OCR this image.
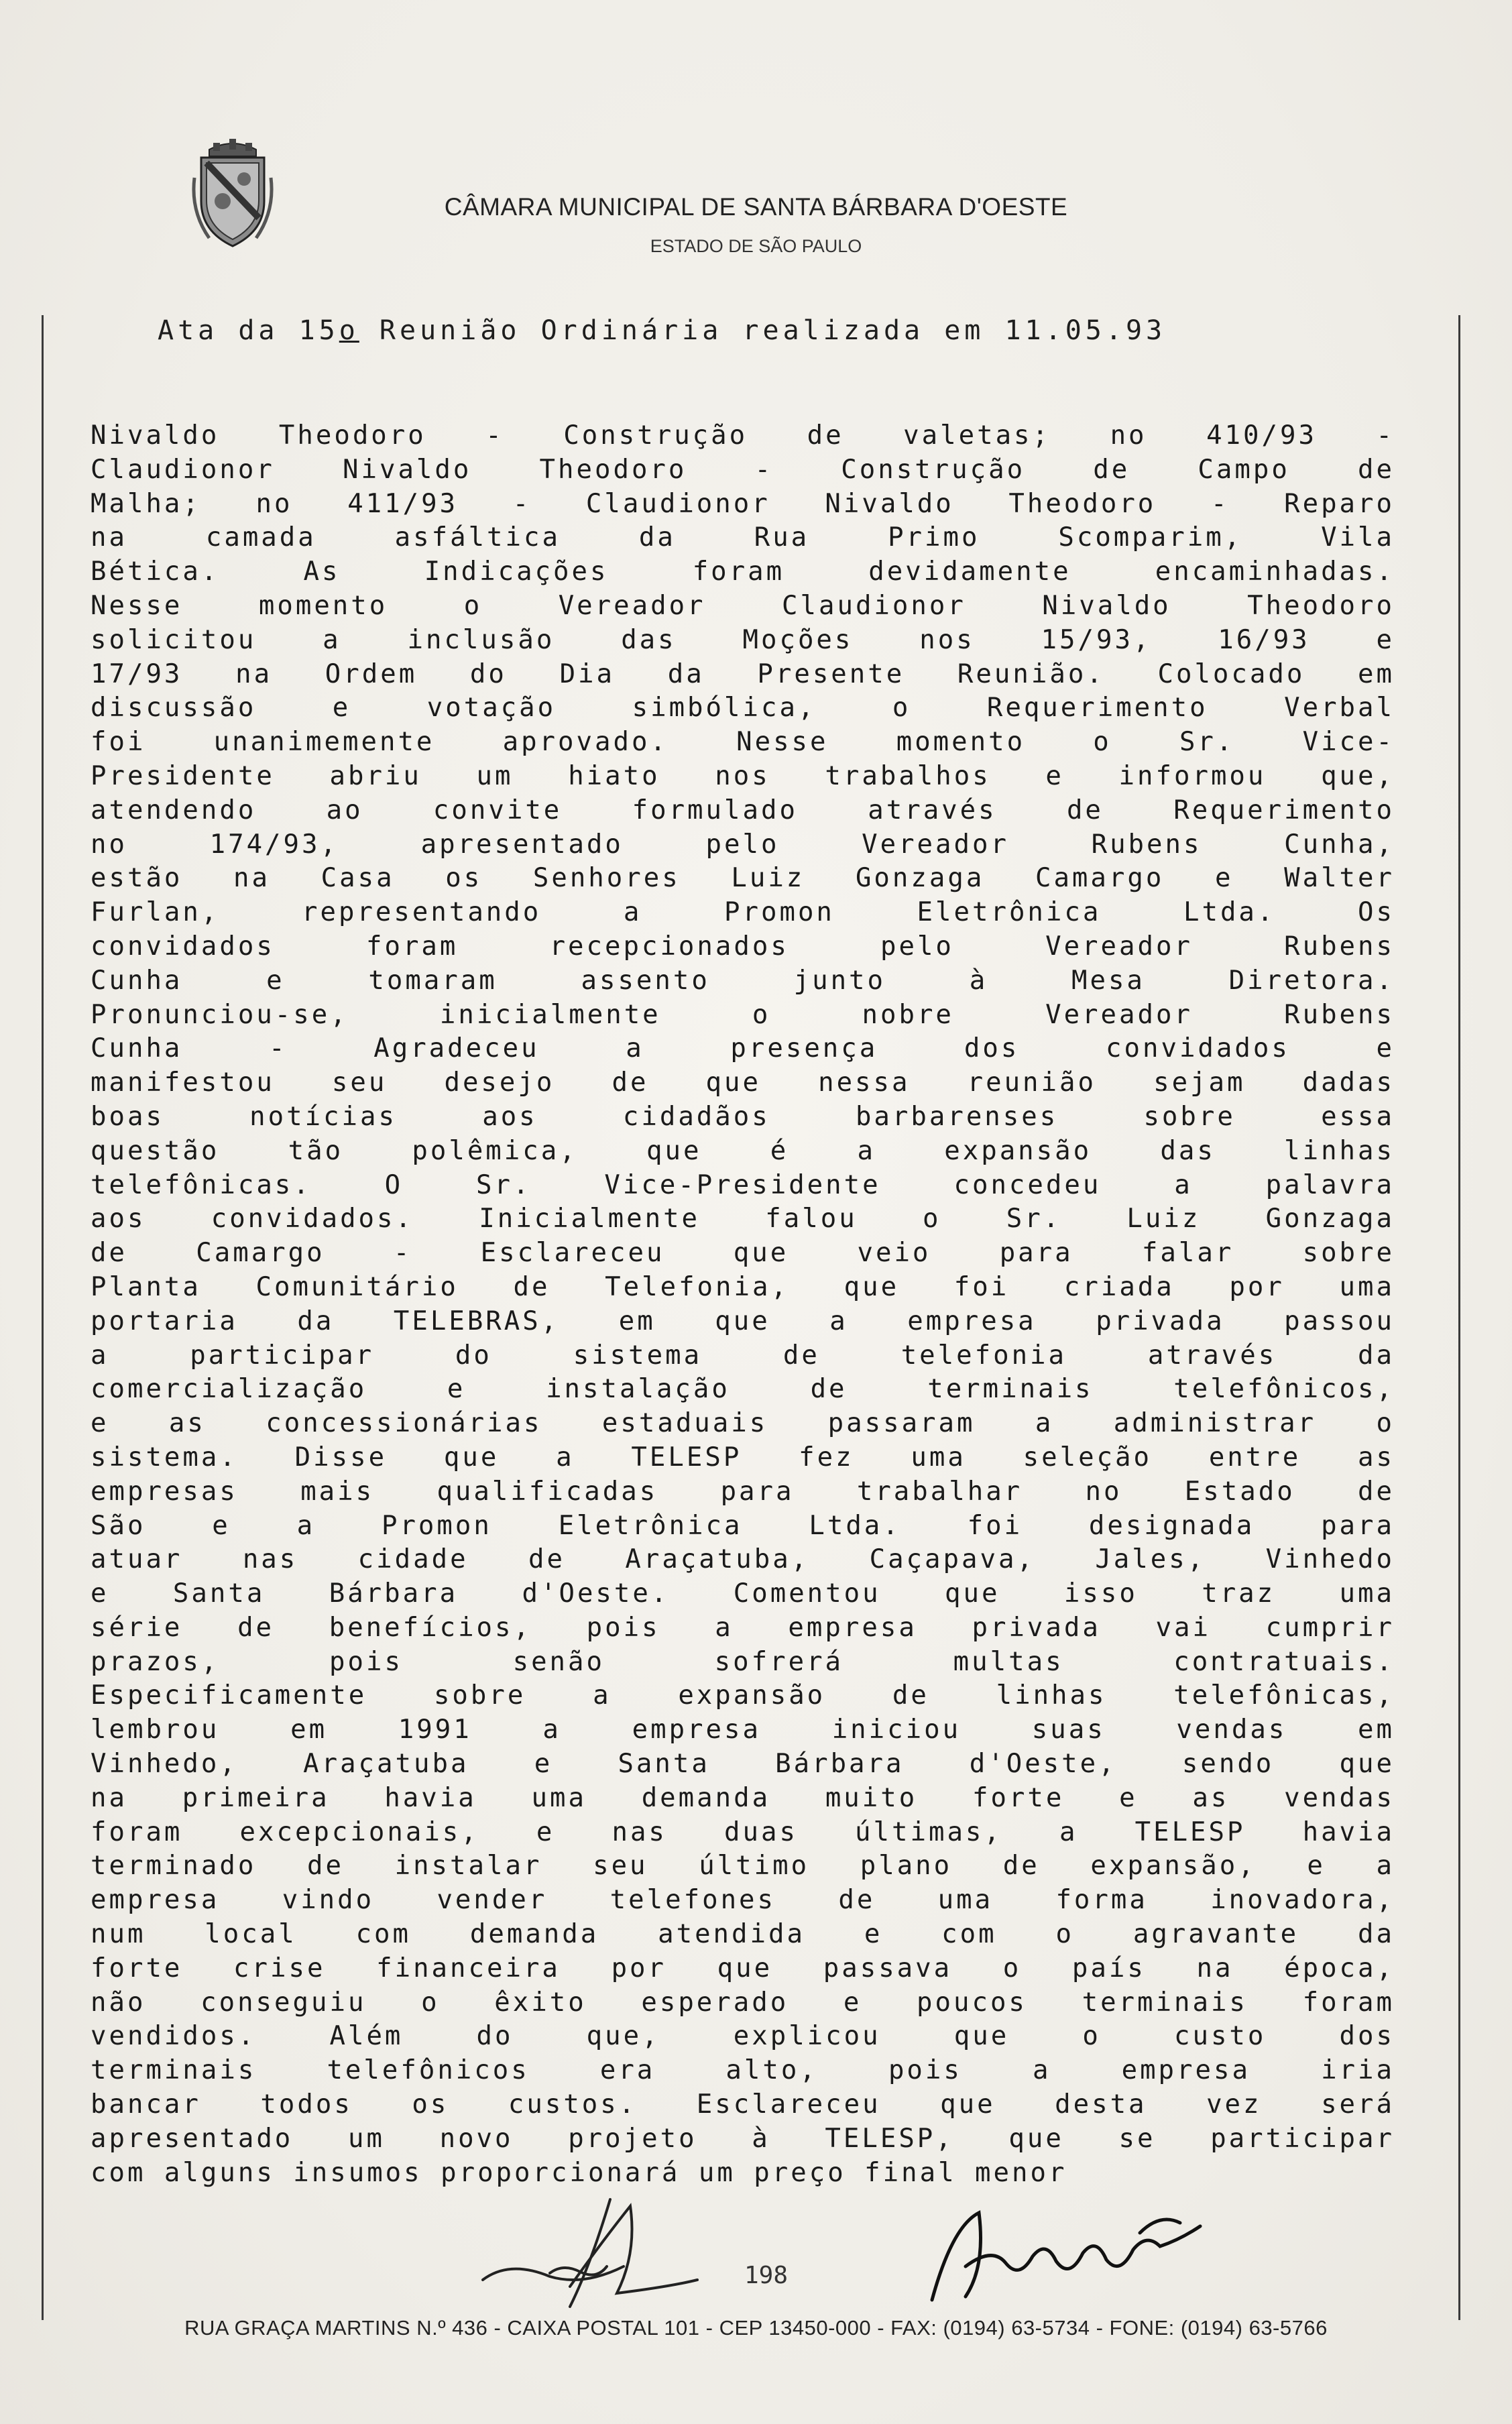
CÂMARA MUNICIPAL DE SANTA BÁRBARA D'OESTE
ESTADO DE SÃO PAULO
Ata da 15o Reunião Ordinária realizada em 11.05.93
Nivaldo Theodoro - Construção de valetas; no 410/93 -
Claudionor Nivaldo Theodoro - Construção de Campo de
Malha; no 411/93 - Claudionor Nivaldo Theodoro - Reparo
na camada asfáltica da Rua Primo Scomparim, Vila
Bética. As Indicações foram devidamente encaminhadas.
Nesse momento o Vereador Claudionor Nivaldo Theodoro
solicitou a inclusão das Moções nos 15/93, 16/93 e
17/93 na Ordem do Dia da Presente Reunião. Colocado em
discussão e votação simbólica, o Requerimento Verbal
foi unanimemente aprovado. Nesse momento o Sr. Vice-
Presidente abriu um hiato nos trabalhos e informou que,
atendendo ao convite formulado através de Requerimento
no 174/93, apresentado pelo Vereador Rubens Cunha,
estão na Casa os Senhores Luiz Gonzaga Camargo e Walter
Furlan, representando a Promon Eletrônica Ltda. Os
convidados foram recepcionados pelo Vereador Rubens
Cunha e tomaram assento junto à Mesa Diretora.
Pronunciou-se, inicialmente o nobre Vereador Rubens
Cunha - Agradeceu a presença dos convidados e
manifestou seu desejo de que nessa reunião sejam dadas
boas notícias aos cidadãos barbarenses sobre essa
questão tão polêmica, que é a expansão das linhas
telefônicas. O Sr. Vice-Presidente concedeu a palavra
aos convidados. Inicialmente falou o Sr. Luiz Gonzaga
de Camargo - Esclareceu que veio para falar sobre
Planta Comunitário de Telefonia, que foi criada por uma
portaria da TELEBRAS, em que a empresa privada passou
a participar do sistema de telefonia através da
comercialização e instalação de terminais telefônicos,
e as concessionárias estaduais passaram a administrar o
sistema. Disse que a TELESP fez uma seleção entre as
empresas mais qualificadas para trabalhar no Estado de
São e a Promon Eletrônica Ltda. foi designada para
atuar nas cidade de Araçatuba, Caçapava, Jales, Vinhedo
e Santa Bárbara d'Oeste. Comentou que isso traz uma
série de benefícios, pois a empresa privada vai cumprir
prazos, pois senão sofrerá multas contratuais.
Especificamente sobre a expansão de linhas telefônicas,
lembrou em 1991 a empresa iniciou suas vendas em
Vinhedo, Araçatuba e Santa Bárbara d'Oeste, sendo que
na primeira havia uma demanda muito forte e as vendas
foram excepcionais, e nas duas últimas, a TELESP havia
terminado de instalar seu último plano de expansão, e a
empresa vindo vender telefones de uma forma inovadora,
num local com demanda atendida e com o agravante da
forte crise financeira por que passava o país na época,
não conseguiu o êxito esperado e poucos terminais foram
vendidos. Além do que, explicou que o custo dos
terminais telefônicos era alto, pois a empresa iria
bancar todos os custos. Esclareceu que desta vez será
apresentado um novo projeto à TELESP, que se participar
com alguns insumos proporcionará um preço final menor
198
RUA GRAÇA MARTINS N.º 436 - CAIXA POSTAL 101 - CEP 13450-000 - FAX: (0194) 63-5734 - FONE: (0194) 63-5766
